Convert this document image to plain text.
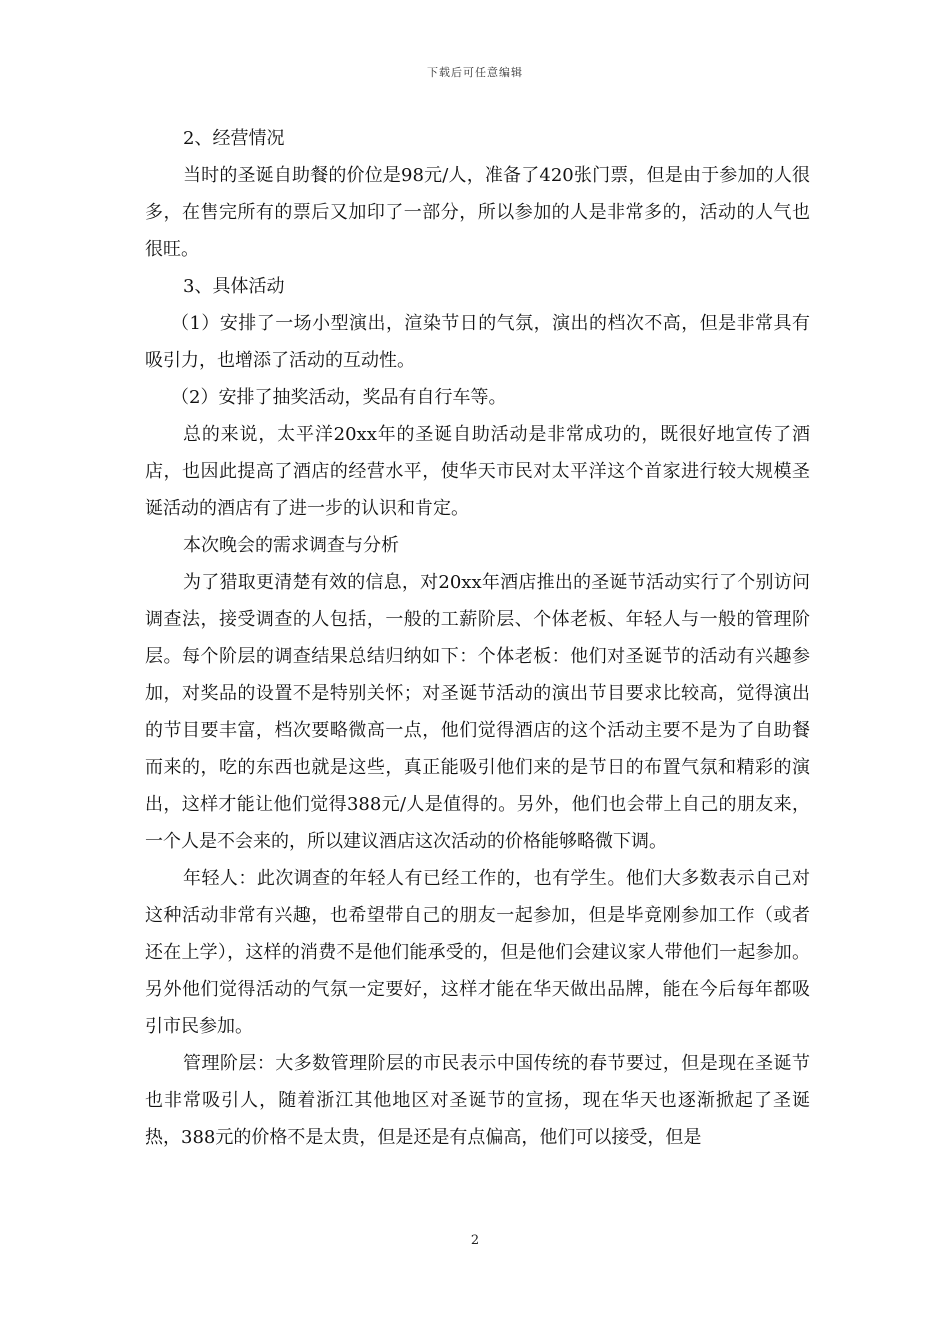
下载后可任意编辑

2、经营情况

当时的圣诞自助餐的价位是98元/人，准备了420张门票，但是由于参加的人很多，在售完所有的票后又加印了一部分，所以参加的人是非常多的，活动的人气也很旺。

3、具体活动

（1）安排了一场小型演出，渲染节日的气氛，演出的档次不高，但是非常具有吸引力，也增添了活动的互动性。

（2）安排了抽奖活动，奖品有自行车等。

总的来说，太平洋20xx年的圣诞自助活动是非常成功的，既很好地宣传了酒店，也因此提高了酒店的经营水平，使华天市民对太平洋这个首家进行较大规模圣诞活动的酒店有了进一步的认识和肯定。

本次晚会的需求调查与分析

为了猎取更清楚有效的信息，对20xx年酒店推出的圣诞节活动实行了个别访问调查法，接受调查的人包括，一般的工薪阶层、个体老板、年轻人与一般的管理阶层。每个阶层的调查结果总结归纳如下：个体老板：他们对圣诞节的活动有兴趣参加，对奖品的设置不是特别关怀；对圣诞节活动的演出节目要求比较高，觉得演出的节目要丰富，档次要略微高一点，他们觉得酒店的这个活动主要不是为了自助餐而来的，吃的东西也就是这些，真正能吸引他们来的是节日的布置气氛和精彩的演出，这样才能让他们觉得388元/人是值得的。另外，他们也会带上自己的朋友来，一个人是不会来的，所以建议酒店这次活动的价格能够略微下调。

年轻人：此次调查的年轻人有已经工作的，也有学生。他们大多数表示自己对这种活动非常有兴趣，也希望带自己的朋友一起参加，但是毕竟刚参加工作（或者还在上学），这样的消费不是他们能承受的，但是他们会建议家人带他们一起参加。另外他们觉得活动的气氛一定要好，这样才能在华天做出品牌，能在今后每年都吸引市民参加。

管理阶层：大多数管理阶层的市民表示中国传统的春节要过，但是现在圣诞节也非常吸引人，随着浙江其他地区对圣诞节的宣扬，现在华天也逐渐掀起了圣诞热，388元的价格不是太贵，但是还是有点偏高，他们可以接受，但是

2
